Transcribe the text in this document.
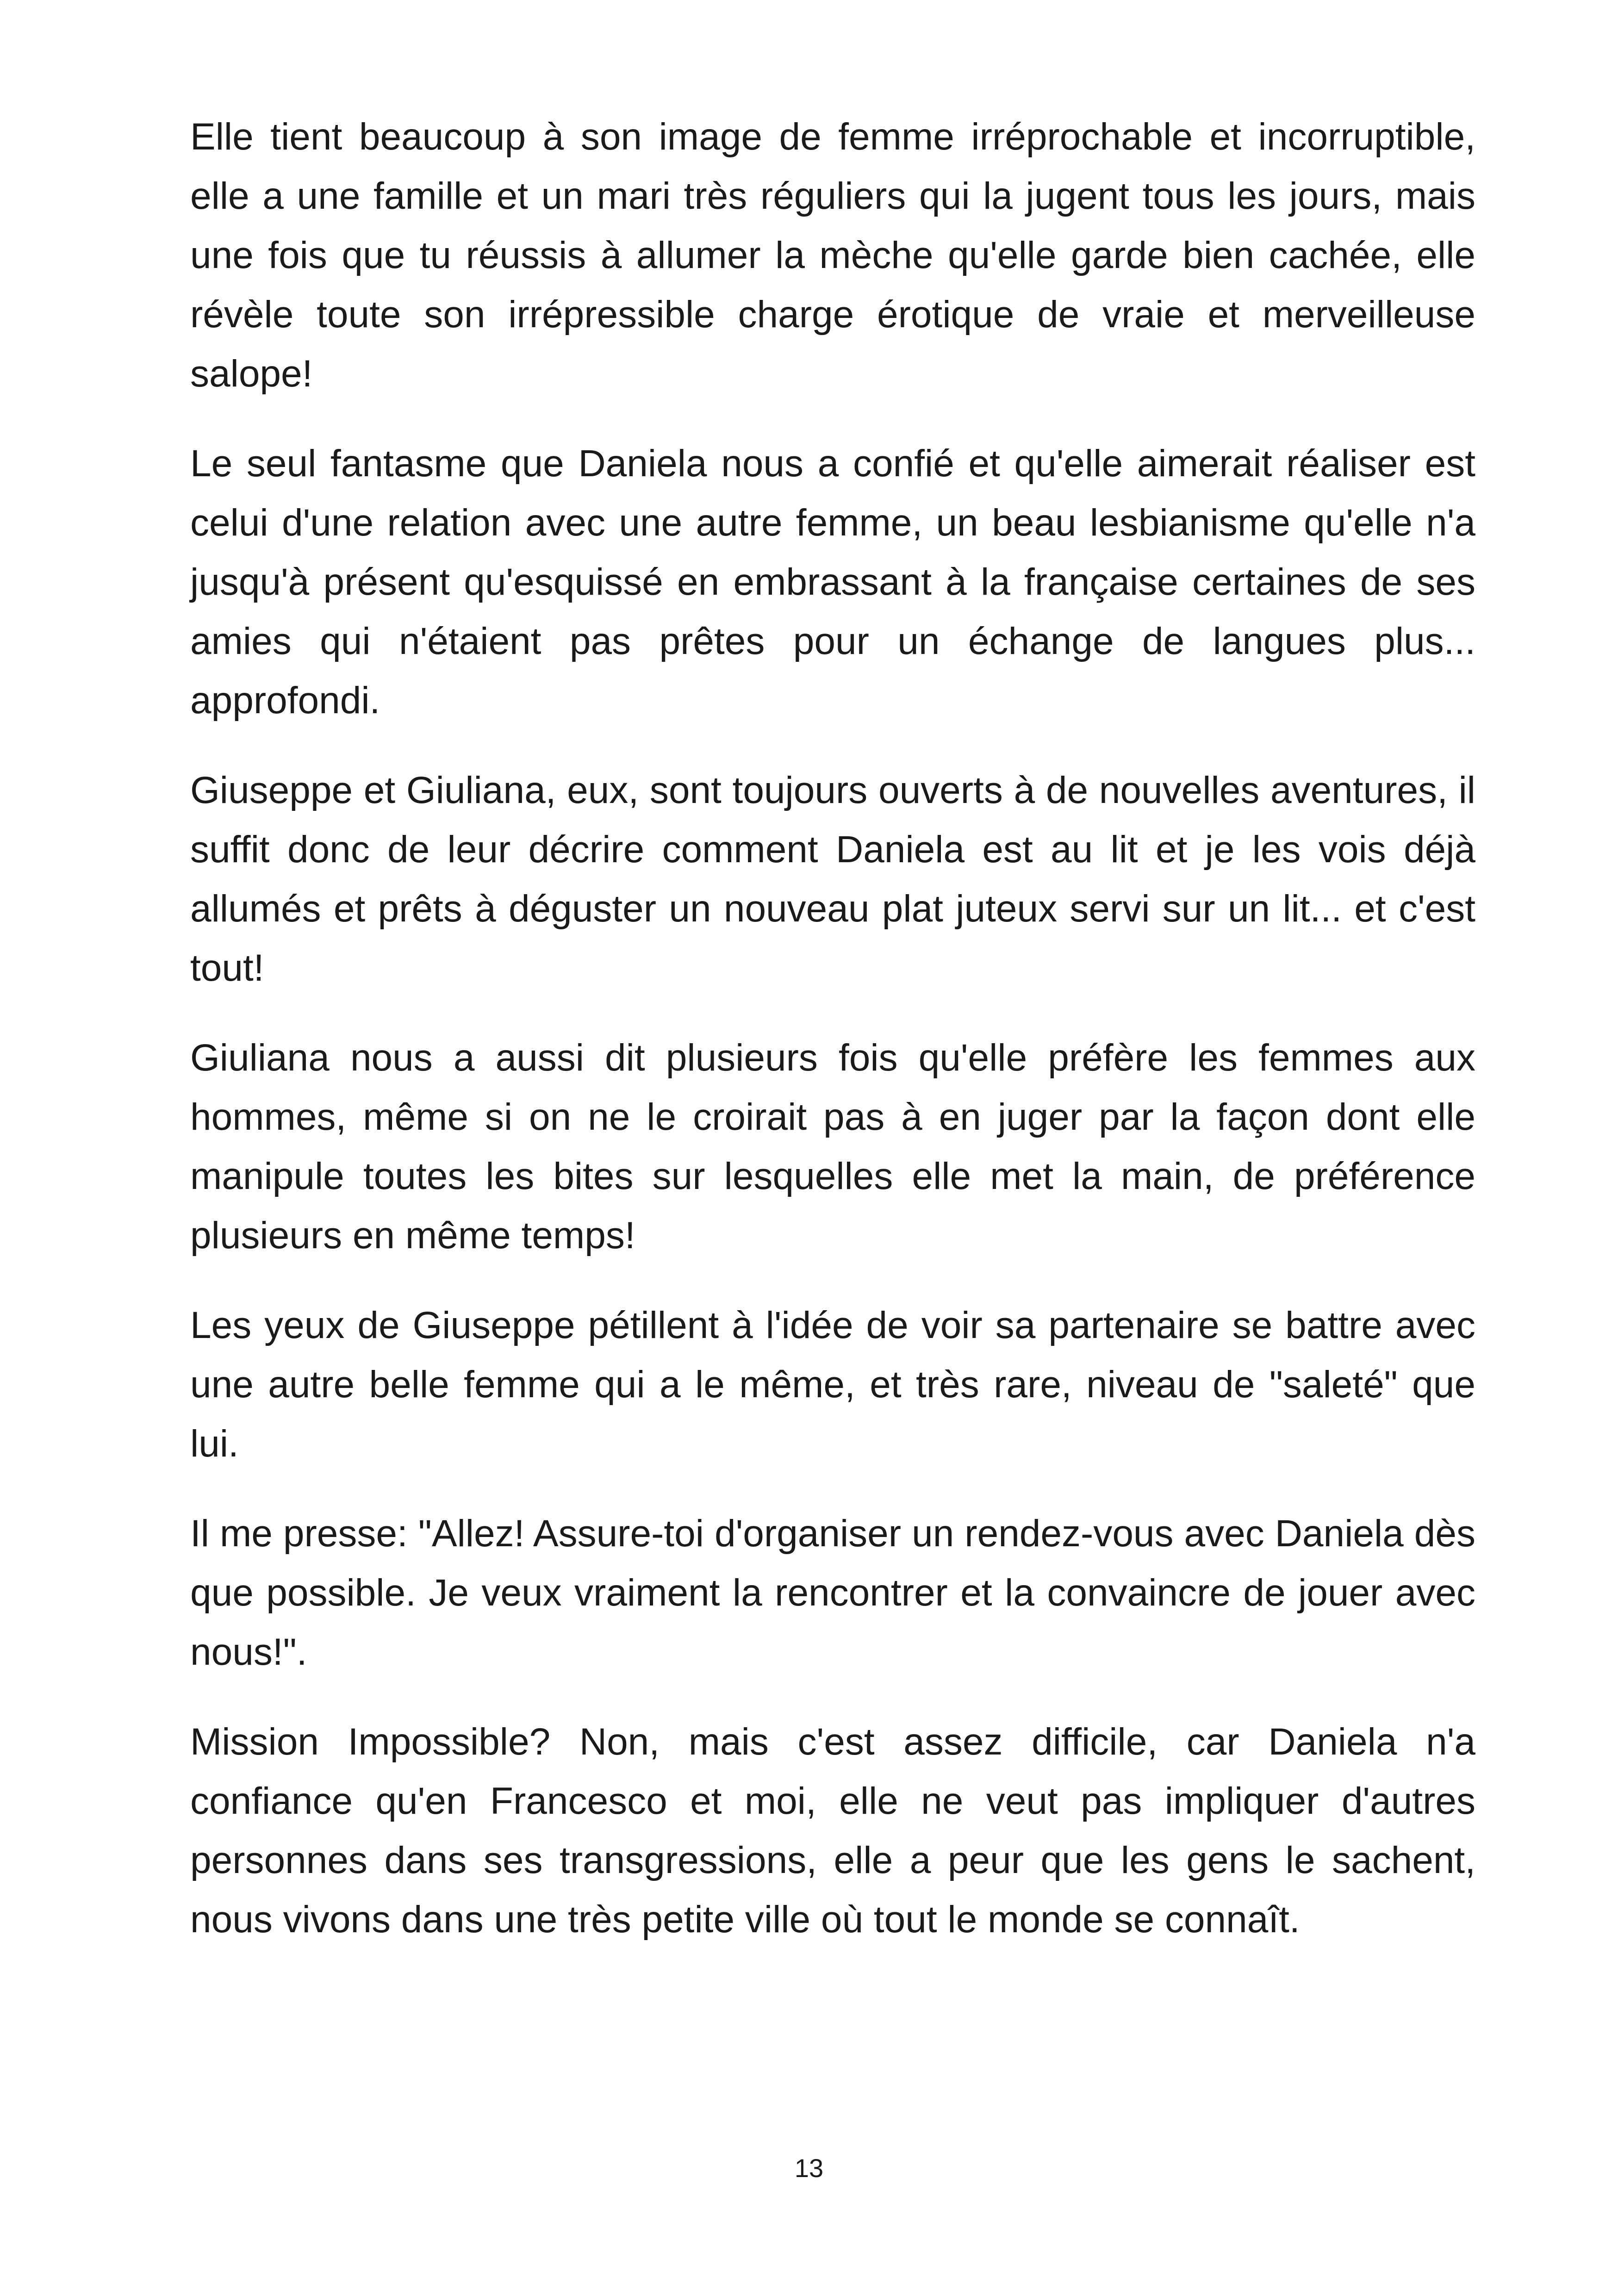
Elle tient beaucoup à son image de femme irréprochable et incorruptible, elle a une famille et un mari très réguliers qui la jugent tous les jours, mais une fois que tu réussis à allumer la mèche qu'elle garde bien cachée, elle révèle toute son irrépressible charge érotique de vraie et merveilleuse salope!

Le seul fantasme que Daniela nous a confié et qu'elle aimerait réaliser est celui d'une relation avec une autre femme, un beau lesbianisme qu'elle n'a jusqu'à présent qu'esquissé en embrassant à la française certaines de ses amies qui n'étaient pas prêtes pour un échange de langues plus... approfondi.

Giuseppe et Giuliana, eux, sont toujours ouverts à de nouvelles aventures, il suffit donc de leur décrire comment Daniela est au lit et je les vois déjà allumés et prêts à déguster un nouveau plat juteux servi sur un lit... et c'est tout!

Giuliana nous a aussi dit plusieurs fois qu'elle préfère les femmes aux hommes, même si on ne le croirait pas à en juger par la façon dont elle manipule toutes les bites sur lesquelles elle met la main, de préférence plusieurs en même temps!

Les yeux de Giuseppe pétillent à l'idée de voir sa partenaire se battre avec une autre belle femme qui a le même, et très rare, niveau de "saleté" que lui.

Il me presse: "Allez! Assure-toi d'organiser un rendez-vous avec Daniela dès que possible. Je veux vraiment la rencontrer et la convaincre de jouer avec nous!".

Mission Impossible? Non, mais c'est assez difficile, car Daniela n'a confiance qu'en Francesco et moi, elle ne veut pas impliquer d'autres personnes dans ses transgressions, elle a peur que les gens le sachent, nous vivons dans une très petite ville où tout le monde se connaît.

13
